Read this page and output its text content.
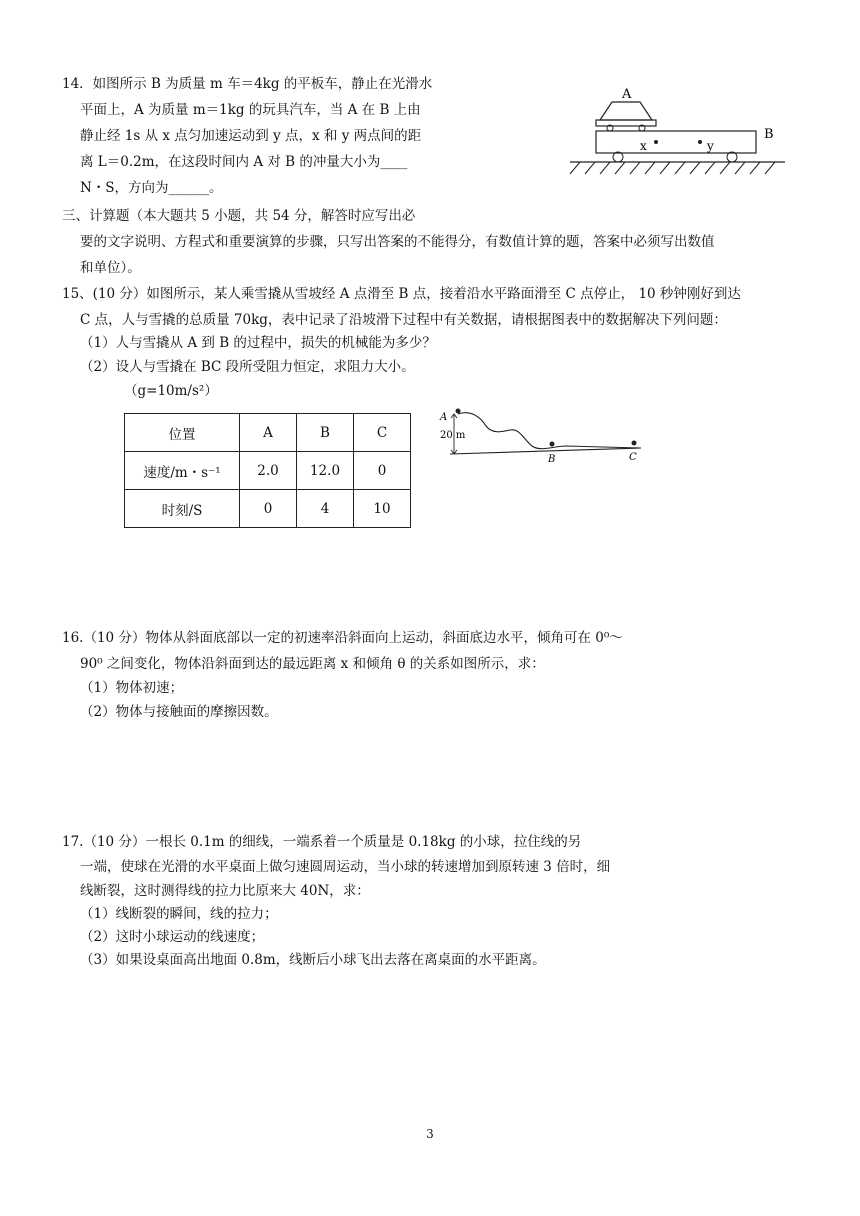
14．如图所示 B 为质量 m 车＝4kg 的平板车，静止在光滑水
平面上，A 为质量 m＝1kg 的玩具汽车，当 A 在 B 上由
静止经 1s 从 x 点匀加速运动到 y 点，x 和 y 两点间的距
离 L＝0.2m，在这段时间内 A 对 B 的冲量大小为____
N・S，方向为______。
A
B
x	y
三、计算题（本大题共 5 小题，共 54 分，解答时应写出必
要的文字说明、方程式和重要演算的步骤，只写出答案的不能得分，有数值计算的题，答案中必须写出数值
和单位）。
15、(10 分）如图所示，某人乘雪撬从雪坡经 A 点滑至 B 点，接着沿水平路面滑至 C 点停止， 10 秒钟刚好到达
C 点，人与雪撬的总质量 70kg，表中记录了沿坡滑下过程中有关数据，请根据图表中的数据解决下列问题：
（1）人与雪撬从 A 到 B 的过程中，损失的机械能为多少？
（2）设人与雪撬在 BC 段所受阻力恒定，求阻力大小。
（g=10m/s²）
位置	A	B	C
速度/m・s⁻¹	2.0	12.0	0
时刻/S	0	4	10
A
20 m
B	C
16.（10 分）物体从斜面底部以一定的初速率沿斜面向上运动，斜面底边水平，倾角可在 0⁰～
90⁰ 之间变化，物体沿斜面到达的最远距离 x 和倾角 θ 的关系如图所示，求：
（1）物体初速；
（2）物体与接触面的摩擦因数。
17.（10 分）一根长 0.1m 的细线，一端系着一个质量是 0.18kg 的小球，拉住线的另
一端，使球在光滑的水平桌面上做匀速圆周运动，当小球的转速增加到原转速 3 倍时，细
线断裂，这时测得线的拉力比原来大 40N，求：
（1）线断裂的瞬间，线的拉力；
（2）这时小球运动的线速度；
（3）如果设桌面高出地面 0.8m，线断后小球飞出去落在离桌面的水平距离。
3
